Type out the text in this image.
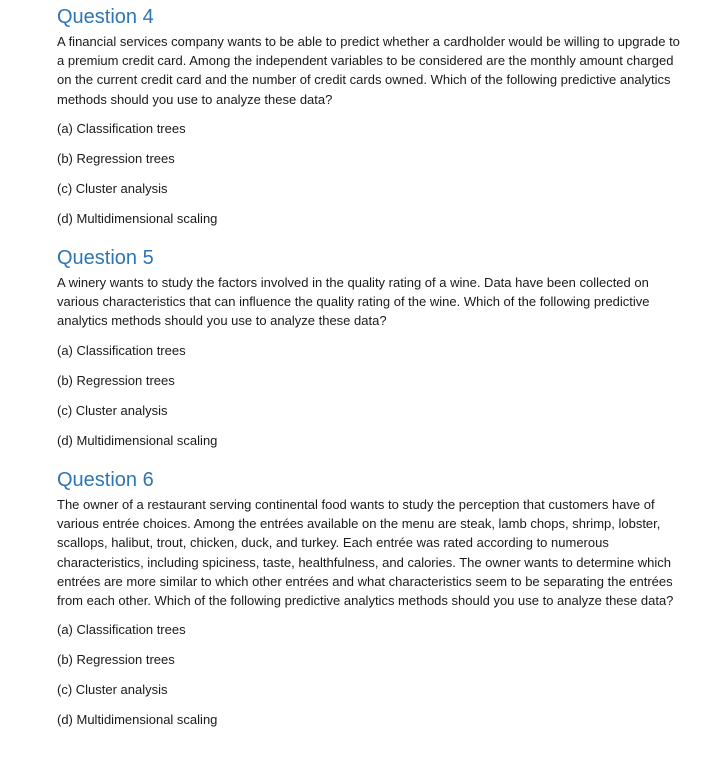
Question 4

A financial services company wants to be able to predict whether a cardholder would be willing to upgrade to a premium credit card. Among the independent variables to be considered are the monthly amount charged on the current credit card and the number of credit cards owned. Which of the following predictive analytics methods should you use to analyze these data?

(a) Classification trees
(b) Regression trees
(c) Cluster analysis
(d) Multidimensional scaling
Question 5

A winery wants to study the factors involved in the quality rating of a wine. Data have been collected on various characteristics that can influence the quality rating of the wine. Which of the following predictive analytics methods should you use to analyze these data?

(a) Classification trees
(b) Regression trees
(c) Cluster analysis
(d) Multidimensional scaling
Question 6

The owner of a restaurant serving continental food wants to study the perception that customers have of various entrée choices. Among the entrées available on the menu are steak, lamb chops, shrimp, lobster, scallops, halibut, trout, chicken, duck, and turkey. Each entrée was rated according to numerous characteristics, including spiciness, taste, healthfulness, and calories. The owner wants to determine which entrées are more similar to which other entrées and what characteristics seem to be separating the entrées from each other. Which of the following predictive analytics methods should you use to analyze these data?

(a) Classification trees
(b) Regression trees
(c) Cluster analysis
(d) Multidimensional scaling
